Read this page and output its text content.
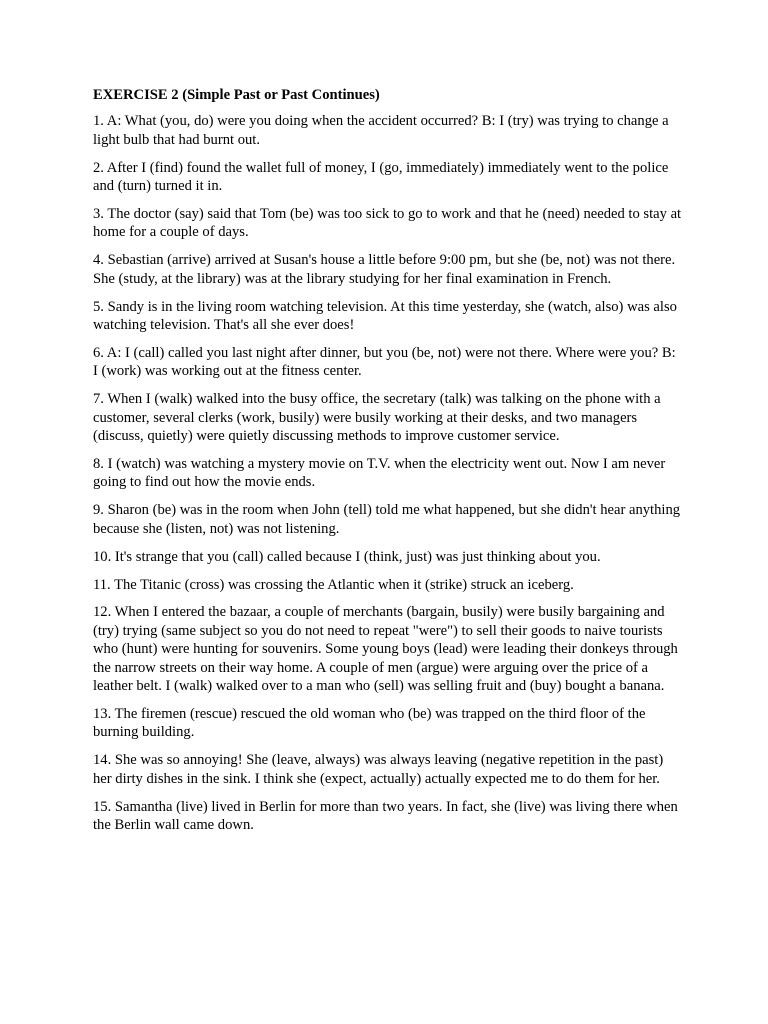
EXERCISE 2 (Simple Past or Past Continues)
1. A: What (you, do) were you doing when the accident occurred? B: I (try) was trying to change a light bulb that had burnt out.
2. After I (find) found the wallet full of money, I (go, immediately) immediately went to the police and (turn) turned it in.
3. The doctor (say) said that Tom (be) was too sick to go to work and that he (need) needed to stay at home for a couple of days.
4. Sebastian (arrive) arrived at Susan's house a little before 9:00 pm, but she (be, not) was not there. She (study, at the library) was at the library studying for her final examination in French.
5. Sandy is in the living room watching television. At this time yesterday, she (watch, also) was also watching television. That's all she ever does!
6. A: I (call) called you last night after dinner, but you (be, not) were not there. Where were you? B: I (work) was working out at the fitness center.
7. When I (walk) walked into the busy office, the secretary (talk) was talking on the phone with a customer, several clerks (work, busily) were busily working at their desks, and two managers (discuss, quietly) were quietly discussing methods to improve customer service.
8. I (watch) was watching a mystery movie on T.V. when the electricity went out. Now I am never going to find out how the movie ends.
9. Sharon (be) was in the room when John (tell) told me what happened, but she didn't hear anything because she (listen, not) was not listening.
10. It's strange that you (call) called because I (think, just) was just thinking about you.
11. The Titanic (cross) was crossing the Atlantic when it (strike) struck an iceberg.
12. When I entered the bazaar, a couple of merchants (bargain, busily) were busily bargaining and (try) trying (same subject so you do not need to repeat "were") to sell their goods to naive tourists who (hunt) were hunting for souvenirs. Some young boys (lead) were leading their donkeys through the narrow streets on their way home. A couple of men (argue) were arguing over the price of a leather belt. I (walk) walked over to a man who (sell) was selling fruit and (buy) bought a banana.
13. The firemen (rescue) rescued the old woman who (be) was trapped on the third floor of the burning building.
14. She was so annoying! She (leave, always) was always leaving (negative repetition in the past) her dirty dishes in the sink. I think she (expect, actually) actually expected me to do them for her.
15. Samantha (live) lived in Berlin for more than two years. In fact, she (live) was living there when the Berlin wall came down.
